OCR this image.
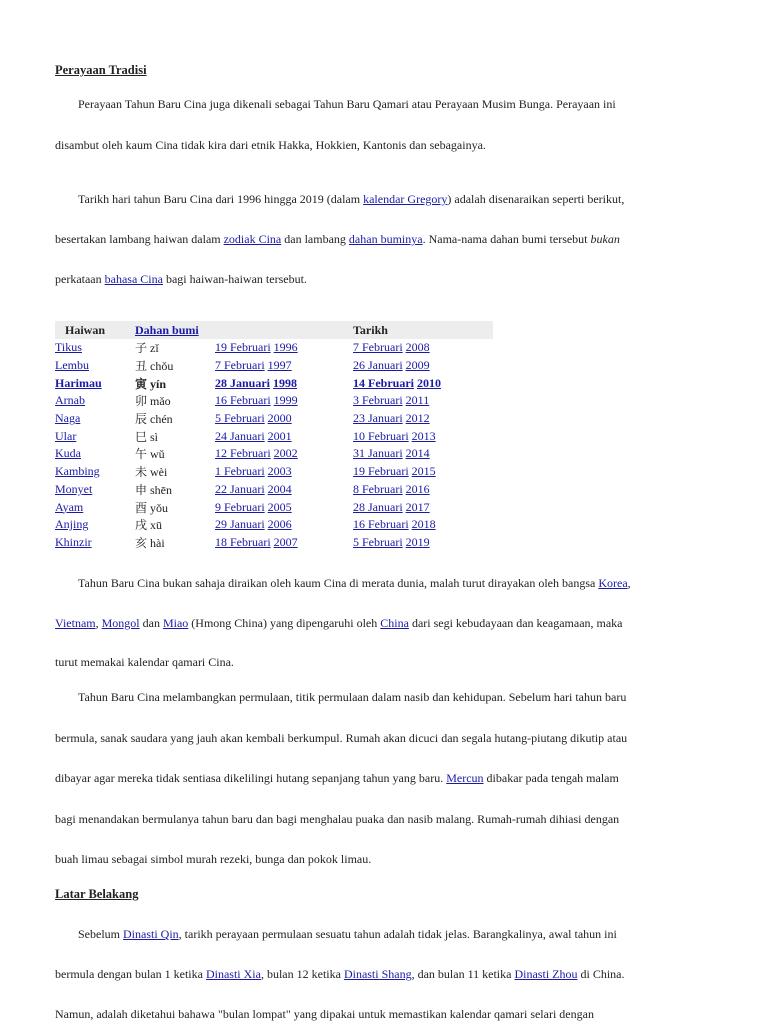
Perayaan Tradisi
Perayaan Tahun Baru Cina juga dikenali sebagai Tahun Baru Qamari atau Perayaan Musim Bunga. Perayaan ini
disambut oleh kaum Cina tidak kira dari etnik Hakka, Hokkien, Kantonis dan sebagainya.
Tarikh hari tahun Baru Cina dari 1996 hingga 2019 (dalam kalendar Gregory) adalah disenaraikan seperti berikut,
besertakan lambang haiwan dalam zodiak Cina dan lambang dahan buminya. Nama-nama dahan bumi tersebut bukan
perkataan bahasa Cina bagi haiwan-haiwan tersebut.
Haiwan	Dahan bumi		Tarikh
Tikus	子 zǐ	19 Februari 1996	7 Februari 2008
Lembu	丑 chǒu	7 Februari 1997	26 Januari 2009
Harimau	寅 yín	28 Januari 1998	14 Februari 2010
Arnab	卯 mǎo	16 Februari 1999	3 Februari 2011
Naga	辰 chén	5 Februari 2000	23 Januari 2012
Ular	巳 sì	24 Januari 2001	10 Februari 2013
Kuda	午 wǔ	12 Februari 2002	31 Januari 2014
Kambing	未 wèi	1 Februari 2003	19 Februari 2015
Monyet	申 shēn	22 Januari 2004	8 Februari 2016
Ayam	酉 yǒu	9 Februari 2005	28 Januari 2017
Anjing	戌 xū	29 Januari 2006	16 Februari 2018
Khinzir	亥 hài	18 Februari 2007	5 Februari 2019
Tahun Baru Cina bukan sahaja diraikan oleh kaum Cina di merata dunia, malah turut dirayakan oleh bangsa Korea,
Vietnam, Mongol dan Miao (Hmong China) yang dipengaruhi oleh China dari segi kebudayaan dan keagamaan, maka
turut memakai kalendar qamari Cina.
Tahun Baru Cina melambangkan permulaan, titik permulaan dalam nasib dan kehidupan. Sebelum hari tahun baru
bermula, sanak saudara yang jauh akan kembali berkumpul. Rumah akan dicuci dan segala hutang-piutang dikutip atau
dibayar agar mereka tidak sentiasa dikelilingi hutang sepanjang tahun yang baru. Mercun dibakar pada tengah malam
bagi menandakan bermulanya tahun baru dan bagi menghalau puaka dan nasib malang. Rumah-rumah dihiasi dengan
buah limau sebagai simbol murah rezeki, bunga dan pokok limau.
Latar Belakang
Sebelum Dinasti Qin, tarikh perayaan permulaan sesuatu tahun adalah tidak jelas. Barangkalinya, awal tahun ini
bermula dengan bulan 1 ketika Dinasti Xia, bulan 12 ketika Dinasti Shang, dan bulan 11 ketika Dinasti Zhou di China.
Namun, adalah diketahui bahawa "bulan lompat" yang dipakai untuk memastikan kalendar qamari selari dengan
